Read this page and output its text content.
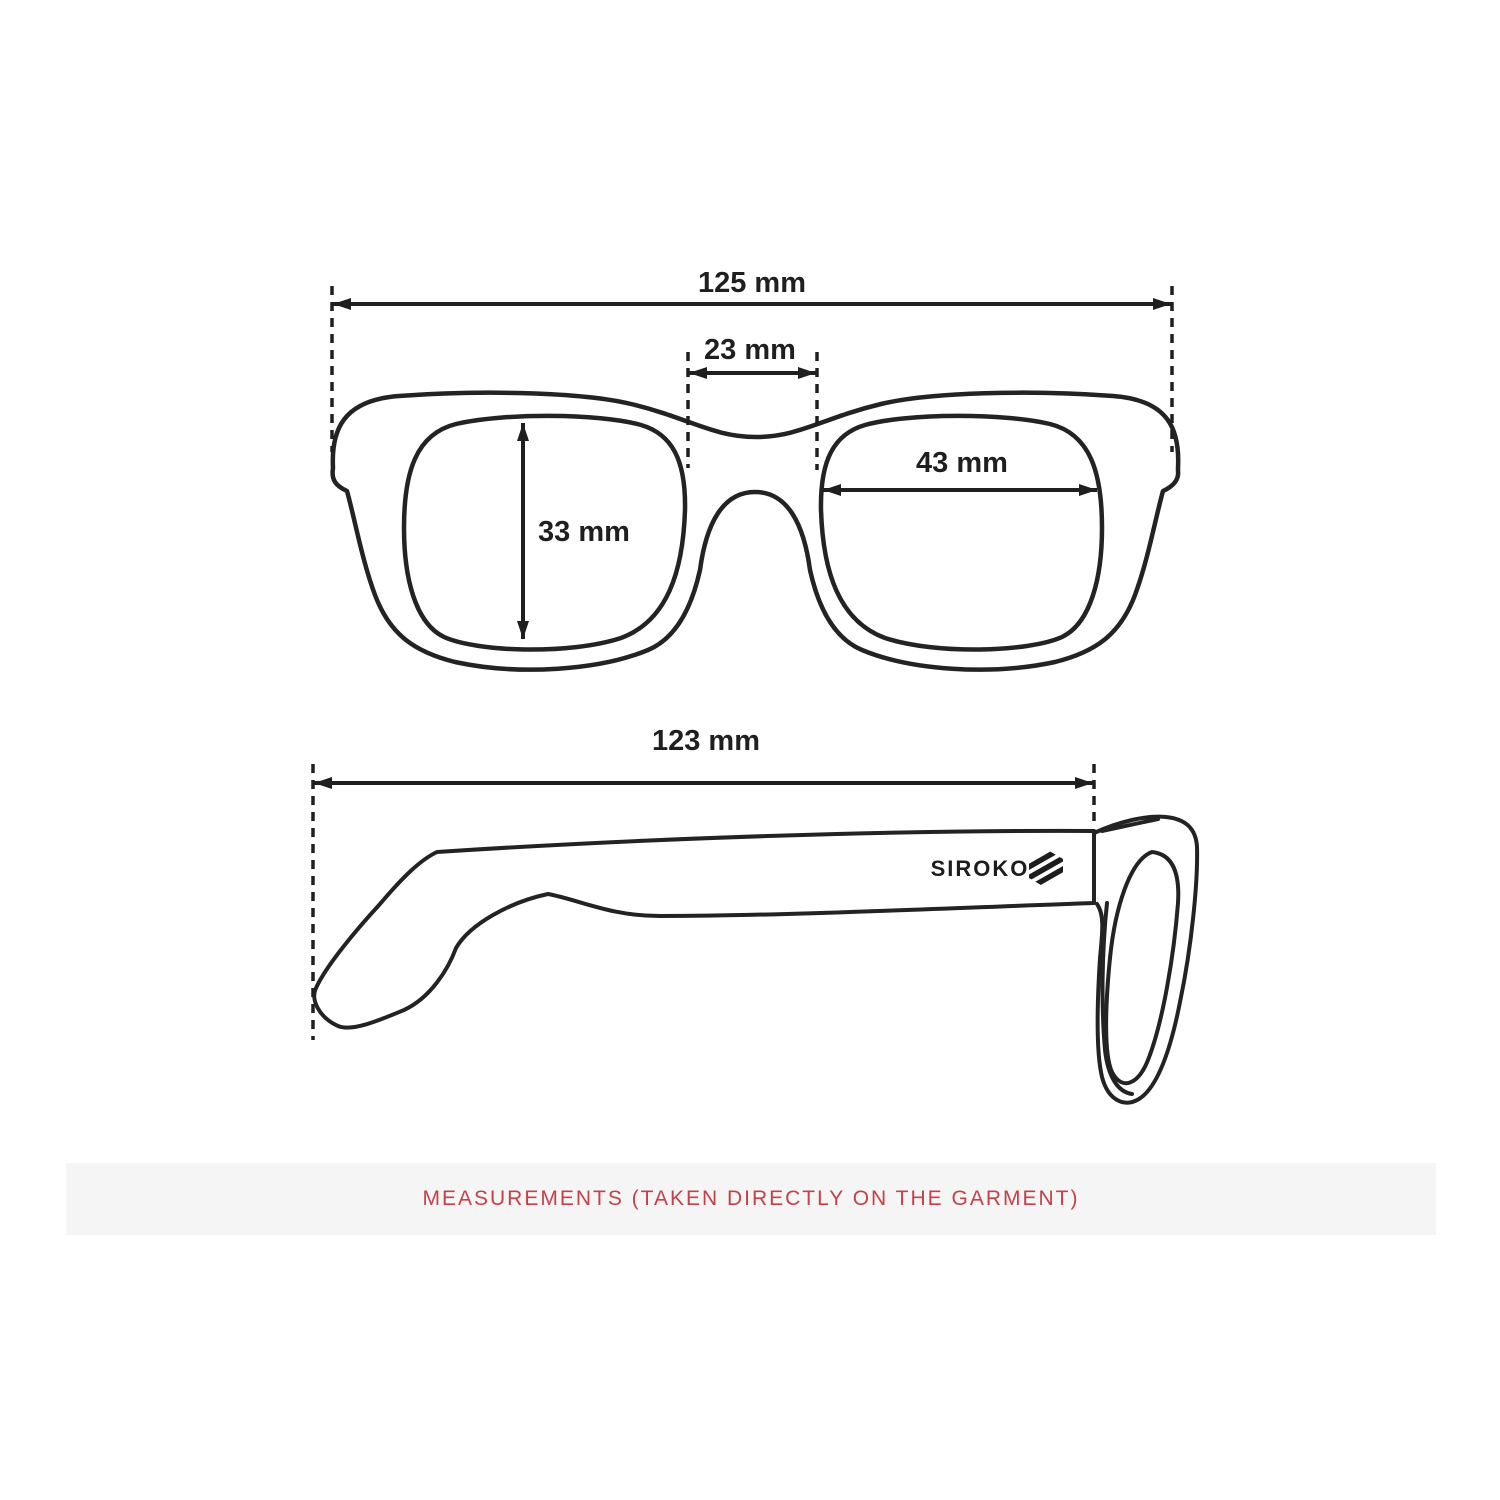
125 mm
23 mm
43 mm
33 mm
123 mm
SIROKO
MEASUREMENTS (TAKEN DIRECTLY ON THE GARMENT)
